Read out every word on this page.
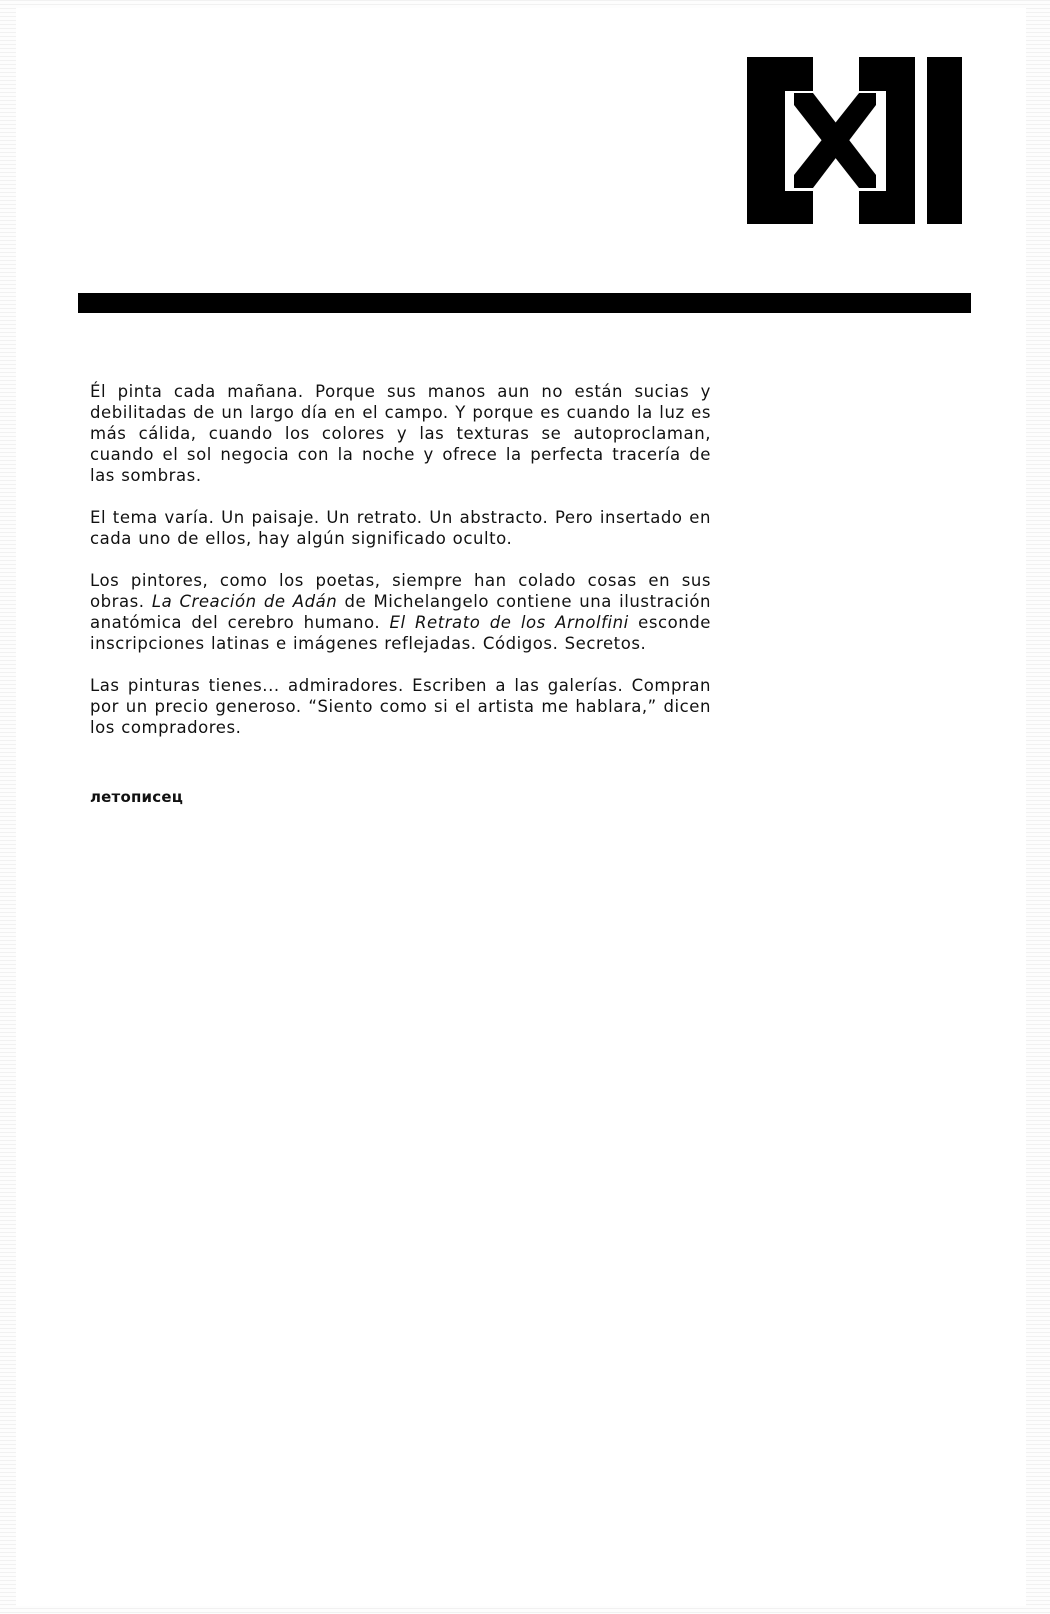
Él pinta cada mañana. Porque sus manos aun no están sucias y debilitadas de un largo día en el campo. Y porque es cuando la luz es más cálida, cuando los colores y las texturas se autoproclaman, cuando el sol negocia con la noche y ofrece la perfecta tracería de las sombras.

El tema varía. Un paisaje. Un retrato. Un abstracto. Pero insertado en cada uno de ellos, hay algún significado oculto.

Los pintores, como los poetas, siempre han colado cosas en sus obras. La Creación de Adán de Michelangelo contiene una ilustración anatómica del cerebro humano. El Retrato de los Arnolfini esconde inscripciones latinas e imágenes reflejadas. Códigos. Secretos.

Las pinturas tienes... admiradores. Escriben a las galerías. Compran por un precio generoso. “Siento como si el artista me hablara,” dicen los compradores.

летописец
